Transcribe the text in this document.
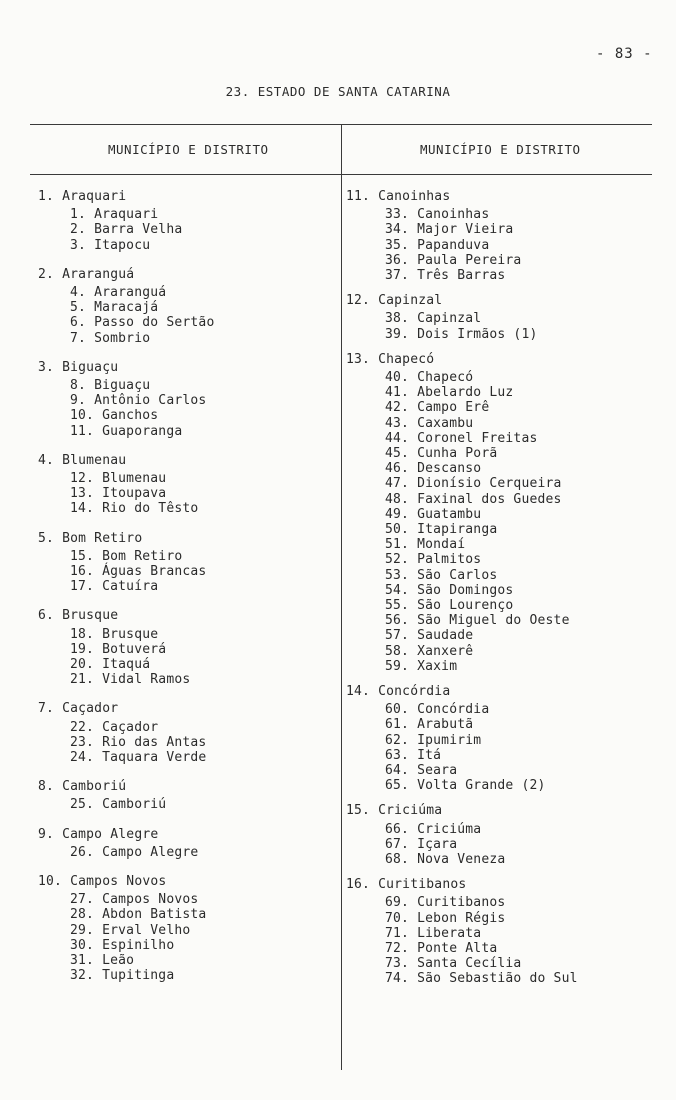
- 83 -
23. ESTADO DE SANTA CATARINA
MUNICÍPIO E DISTRITO	MUNICÍPIO E DISTRITO
1. Araquari
1. Araquari
2. Barra Velha
3. Itapocu
2. Araranguá
4. Araranguá
5. Maracajá
6. Passo do Sertão
7. Sombrio
3. Biguaçu
8. Biguaçu
9. Antônio Carlos
10. Ganchos
11. Guaporanga
4. Blumenau
12. Blumenau
13. Itoupava
14. Rio do Têsto
5. Bom Retiro
15. Bom Retiro
16. Águas Brancas
17. Catuíra
6. Brusque
18. Brusque
19. Botuverá
20. Itaquá
21. Vidal Ramos
7. Caçador
22. Caçador
23. Rio das Antas
24. Taquara Verde
8. Camboriú
25. Camboriú
9. Campo Alegre
26. Campo Alegre
10. Campos Novos
27. Campos Novos
28. Abdon Batista
29. Erval Velho
30. Espinilho
31. Leão
32. Tupitinga
11. Canoinhas
33. Canoinhas
34. Major Vieira
35. Papanduva
36. Paula Pereira
37. Três Barras
12. Capinzal
38. Capinzal
39. Dois Irmãos (1)
13. Chapecó
40. Chapecó
41. Abelardo Luz
42. Campo Erê
43. Caxambu
44. Coronel Freitas
45. Cunha Porã
46. Descanso
47. Dionísio Cerqueira
48. Faxinal dos Guedes
49. Guatambu
50. Itapiranga
51. Mondaí
52. Palmitos
53. São Carlos
54. São Domingos
55. São Lourenço
56. São Miguel do Oeste
57. Saudade
58. Xanxerê
59. Xaxim
14. Concórdia
60. Concórdia
61. Arabutã
62. Ipumirim
63. Itá
64. Seara
65. Volta Grande (2)
15. Criciúma
66. Criciúma
67. Içara
68. Nova Veneza
16. Curitibanos
69. Curitibanos
70. Lebon Régis
71. Liberata
72. Ponte Alta
73. Santa Cecília
74. São Sebastião do Sul
